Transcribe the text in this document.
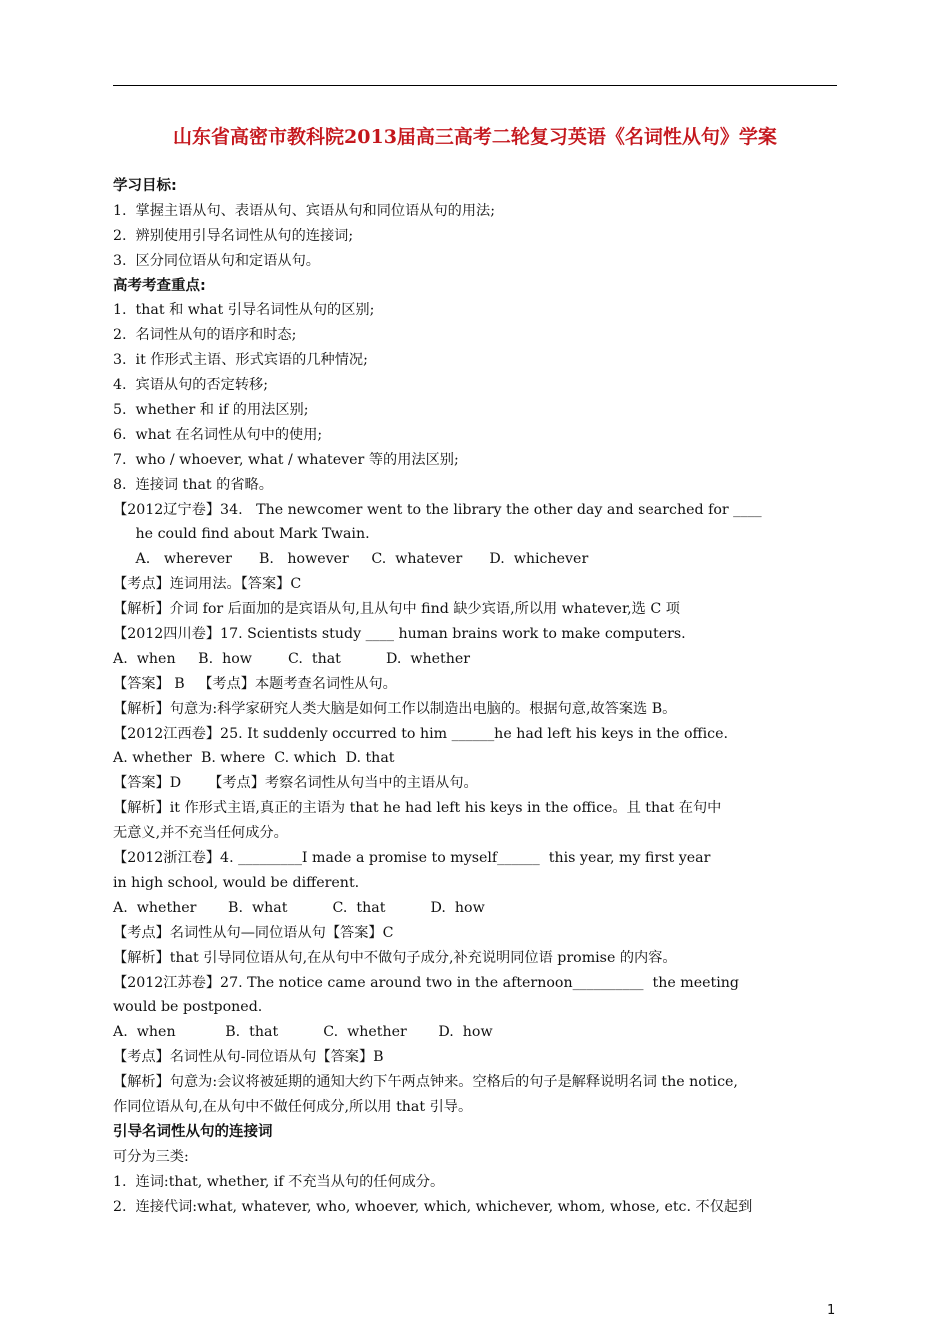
山东省高密市教科院2013届高三高考二轮复习英语《名词性从句》学案
学习目标:
1.  掌握主语从句、表语从句、宾语从句和同位语从句的用法;
2.  辨别使用引导名词性从句的连接词;
3.  区分同位语从句和定语从句。
高考考查重点:
1.  that 和 what 引导名词性从句的区别;
2.  名词性从句的语序和时态;
3.  it 作形式主语、形式宾语的几种情况;
4.  宾语从句的否定转移;
5.  whether 和 if 的用法区别;
6.  what 在名词性从句中的使用;
7.  who / whoever, what / whatever 等的用法区别;
8.  连接词 that 的省略。
【2012辽宁卷】34.   The newcomer went to the library the other day and searched for ____
he could find about Mark Twain.
A.   wherever      B.   however     C.  whatever      D.  whichever
【考点】连词用法。【答案】C
【解析】介词 for 后面加的是宾语从句,且从句中 find 缺少宾语,所以用 whatever,选 C 项
【2012四川卷】17. Scientists study ____ human brains work to make computers.
A.  when     B.  how        C.  that          D.  whether
【答案】 B   【考点】本题考查名词性从句。
【解析】句意为:科学家研究人类大脑是如何工作以制造出电脑的。根据句意,故答案选 B。
【2012江西卷】25. It suddenly occurred to him ______he had left his keys in the office.
A. whether  B. where  C. which  D. that
【答案】D      【考点】考察名词性从句当中的主语从句。
【解析】it 作形式主语,真正的主语为 that he had left his keys in the office。且 that 在句中
无意义,并不充当任何成分。
【2012浙江卷】4. _________I made a promise to myself______  this year, my first year
in high school, would be different.
A.  whether       B.  what          C.  that          D.  how
【考点】名词性从句—同位语从句【答案】C
【解析】that 引导同位语从句,在从句中不做句子成分,补充说明同位语 promise 的内容。
【2012江苏卷】27. The notice came around two in the afternoon__________  the meeting
would be postponed.
A.  when           B.  that          C.  whether       D.  how
【考点】名词性从句-同位语从句【答案】B
【解析】句意为:会议将被延期的通知大约下午两点钟来。空格后的句子是解释说明名词 the notice,
作同位语从句,在从句中不做任何成分,所以用 that 引导。
引导名词性从句的连接词
可分为三类:
1.  连词:that, whether, if 不充当从句的任何成分。
2.  连接代词:what, whatever, who, whoever, which, whichever, whom, whose, etc. 不仅起到
1
